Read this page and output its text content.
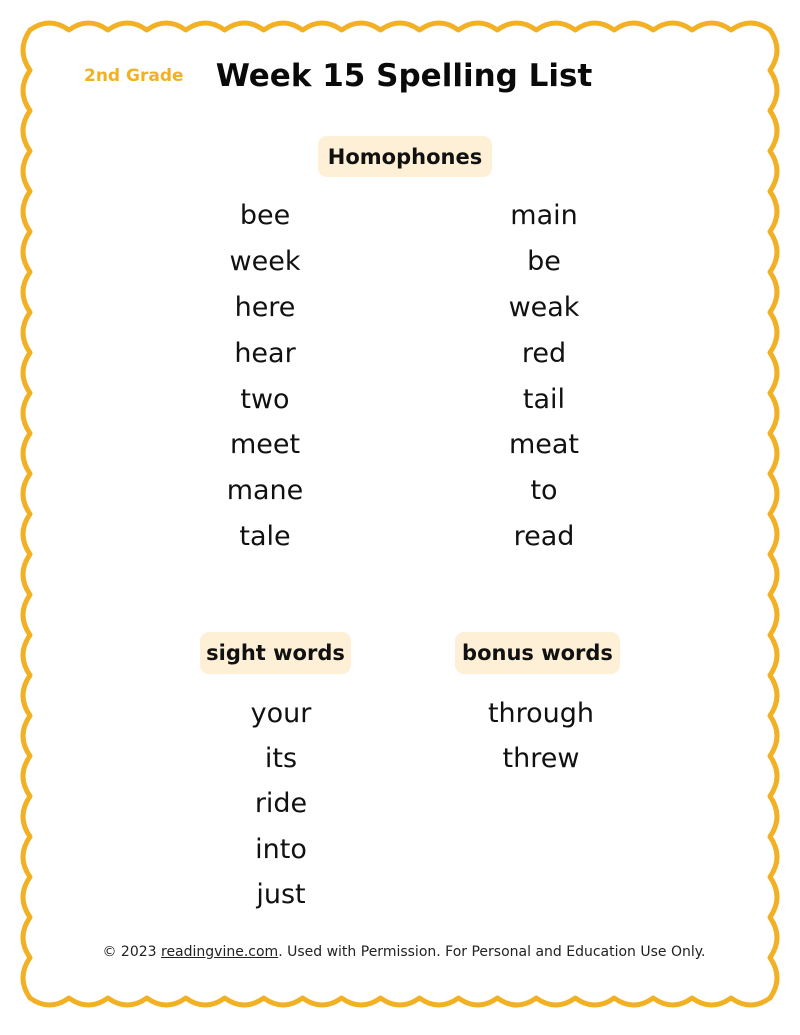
2nd Grade	Week 15 Spelling List
Homophones
bee
week
here
hear
two
meet
mane
tale
main
be
weak
red
tail
meat
to
read
sight words	bonus words
your
its
ride
into
just
through
threw
© 2023 readingvine.com. Used with Permission. For Personal and Education Use Only.
